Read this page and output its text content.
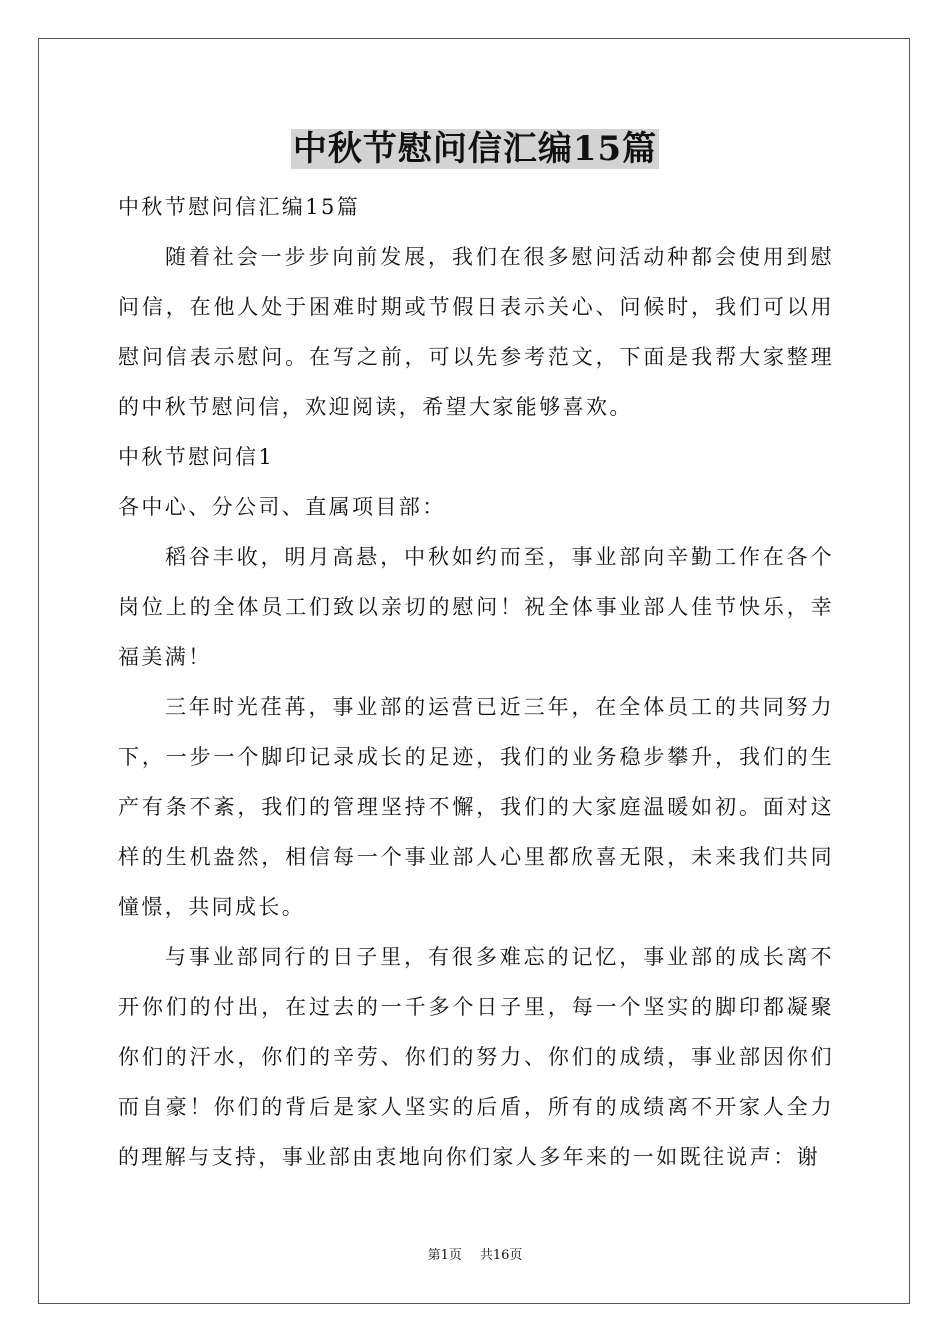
中秋节慰问信汇编15篇

中秋节慰问信汇编15篇

随着社会一步步向前发展，我们在很多慰问活动种都会使用到慰问信，在他人处于困难时期或节假日表示关心、问候时，我们可以用慰问信表示慰问。在写之前，可以先参考范文，下面是我帮大家整理的中秋节慰问信，欢迎阅读，希望大家能够喜欢。

中秋节慰问信1

各中心、分公司、直属项目部：

稻谷丰收，明月高悬，中秋如约而至，事业部向辛勤工作在各个岗位上的全体员工们致以亲切的慰问！祝全体事业部人佳节快乐，幸福美满！

三年时光荏苒，事业部的运营已近三年，在全体员工的共同努力下，一步一个脚印记录成长的足迹，我们的业务稳步攀升，我们的生产有条不紊，我们的管理坚持不懈，我们的大家庭温暖如初。面对这样的生机盎然，相信每一个事业部人心里都欣喜无限，未来我们共同憧憬，共同成长。

与事业部同行的日子里，有很多难忘的记忆，事业部的成长离不开你们的付出，在过去的一千多个日子里，每一个坚实的脚印都凝聚你们的汗水，你们的辛劳、你们的努力、你们的成绩，事业部因你们而自豪！你们的背后是家人坚实的后盾，所有的成绩离不开家人全力的理解与支持，事业部由衷地向你们家人多年来的一如既往说声：谢

第1页 共16页
